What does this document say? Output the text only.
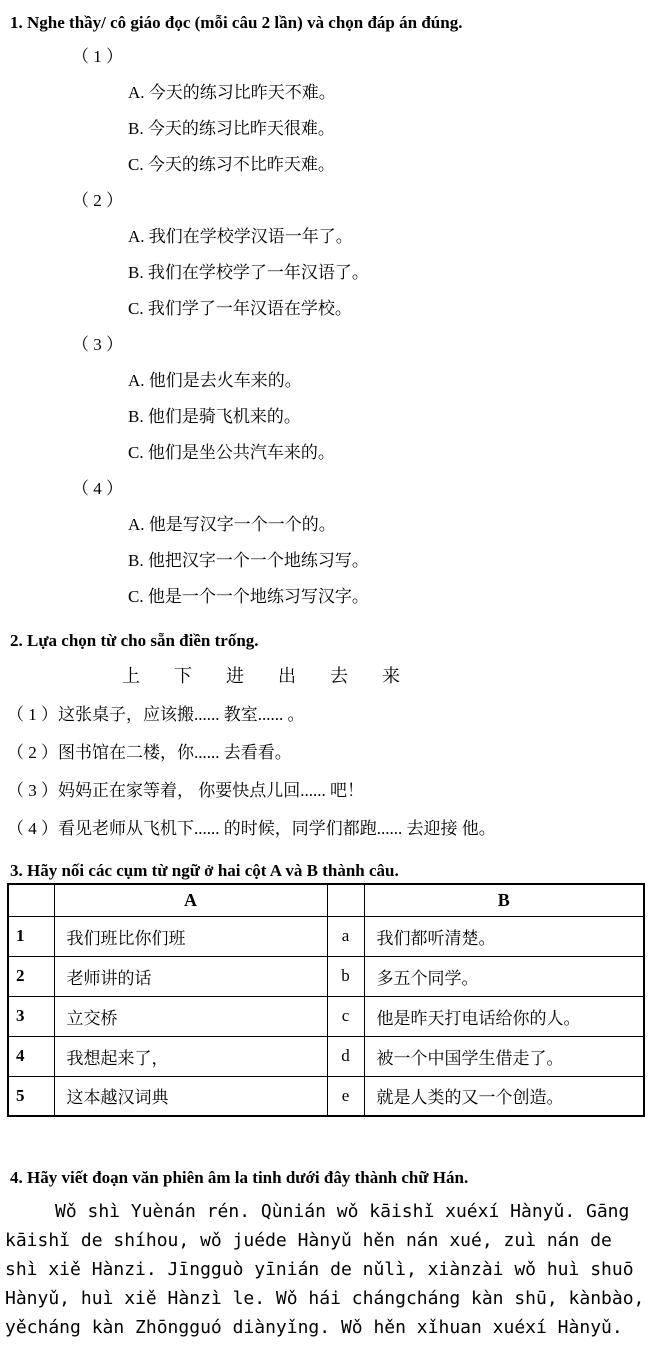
1. Nghe thầy/ cô giáo đọc (mỗi câu 2 lần) và chọn đáp án đúng.
（ 1 ）
A. 今天的练习比昨天不难。
B. 今天的练习比昨天很难。
C. 今天的练习不比昨天难。
（ 2 ）
A. 我们在学校学汉语一年了。
B. 我们在学校学了一年汉语了。
C. 我们学了一年汉语在学校。
（ 3 ）
A. 他们是去火车来的。
B. 他们是骑飞机来的。
C. 他们是坐公共汽车来的。
（ 4 ）
A. 他是写汉字一个一个的。
B. 他把汉字一个一个地练习写。
C. 他是一个一个地练习写汉字。
2. Lựa chọn từ cho sẵn điền trống.
上 下 进 出 去 来
（ 1 ）这张桌子，应该搬...... 教室...... 。
（ 2 ）图书馆在二楼，你...... 去看看。
（ 3 ）妈妈正在家等着， 你要快点儿回...... 吧！
（ 4 ）看见老师从飞机下...... 的时候，同学们都跑...... 去迎接 他。
3. Hãy nối các cụm từ ngữ ở hai cột A và B thành câu.
	A		B
1	我们班比你们班	a	我们都听清楚。
2	老师讲的话	b	多五个同学。
3	立交桥	c	他是昨天打电话给你的人。
4	我想起来了，	d	被一个中国学生借走了。
5	这本越汉词典	e	就是人类的又一个创造。
4. Hãy viết đoạn văn phiên âm la tinh dưới đây thành chữ Hán.
Wǒ shì Yuènán rén. Qùnián wǒ kāishǐ xuéxí Hànyǔ. Gāng
kāishǐ de shíhou, wǒ juéde Hànyǔ hěn nán xué, zuì nán de
shì xiě Hànzi. Jīngguò yīnián de nǔlì, xiànzài wǒ huì shuō
Hànyǔ, huì xiě Hànzì le. Wǒ hái chángcháng kàn shū, kànbào,
yěcháng kàn Zhōngguó diànyǐng. Wǒ hěn xǐhuan xuéxí Hànyǔ.
